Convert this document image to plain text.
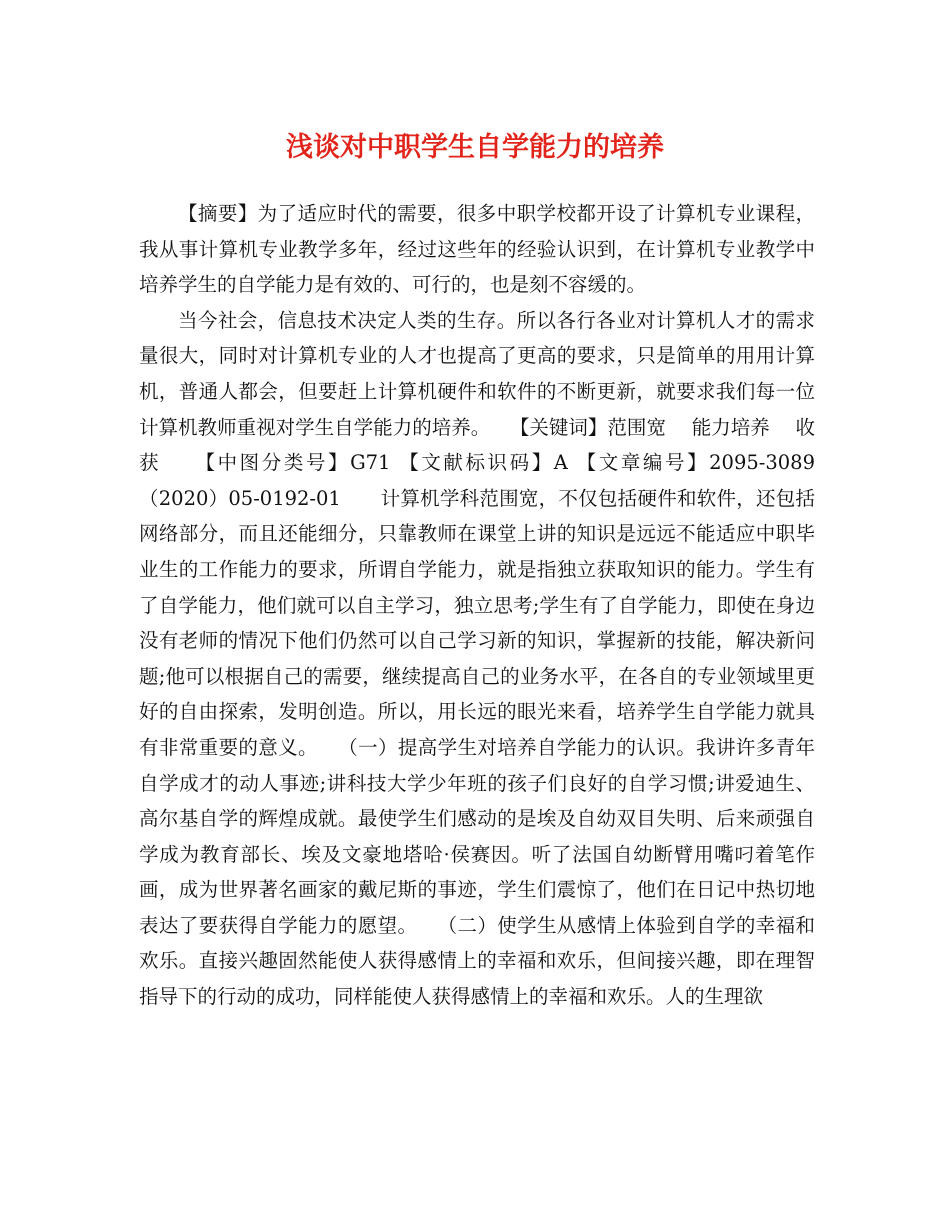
浅谈对中职学生自学能力的培养

【摘要】为了适应时代的需要，很多中职学校都开设了计算机专业课程，我从事计算机专业教学多年，经过这些年的经验认识到，在计算机专业教学中培养学生的自学能力是有效的、可行的，也是刻不容缓的。

当今社会，信息技术决定人类的生存。所以各行各业对计算机人才的需求量很大，同时对计算机专业的人才也提高了更高的要求，只是简单的用用计算机，普通人都会，但要赶上计算机硬件和软件的不断更新，就要求我们每一位计算机教师重视对学生自学能力的培养。　　【关键词】范围宽　 能力培养　 收获　　【中图分类号】G71 【文献标识码】A 【文章编号】2095-3089（2020）05-0192-01　　计算机学科范围宽，不仅包括硬件和软件，还包括网络部分，而且还能细分，只靠教师在课堂上讲的知识是远远不能适应中职毕业生的工作能力的要求，所谓自学能力，就是指独立获取知识的能力。学生有了自学能力，他们就可以自主学习，独立思考;学生有了自学能力，即使在身边没有老师的情况下他们仍然可以自己学习新的知识，掌握新的技能，解决新问题;他可以根据自己的需要，继续提高自己的业务水平，在各自的专业领域里更好的自由探索，发明创造。所以，用长远的眼光来看，培养学生自学能力就具有非常重要的意义。　　（一）提高学生对培养自学能力的认识。我讲许多青年自学成才的动人事迹;讲科技大学少年班的孩子们良好的自学习惯;讲爱迪生、高尔基自学的辉煌成就。最使学生们感动的是埃及自幼双目失明、后来顽强自学成为教育部长、埃及文豪地塔哈·侯赛因。听了法国自幼断臂用嘴叼着笔作画，成为世界著名画家的戴尼斯的事迹，学生们震惊了，他们在日记中热切地表达了要获得自学能力的愿望。　　（二）使学生从感情上体验到自学的幸福和欢乐。直接兴趣固然能使人获得感情上的幸福和欢乐，但间接兴趣，即在理智指导下的行动的成功，同样能使人获得感情上的幸福和欢乐。人的生理欲
